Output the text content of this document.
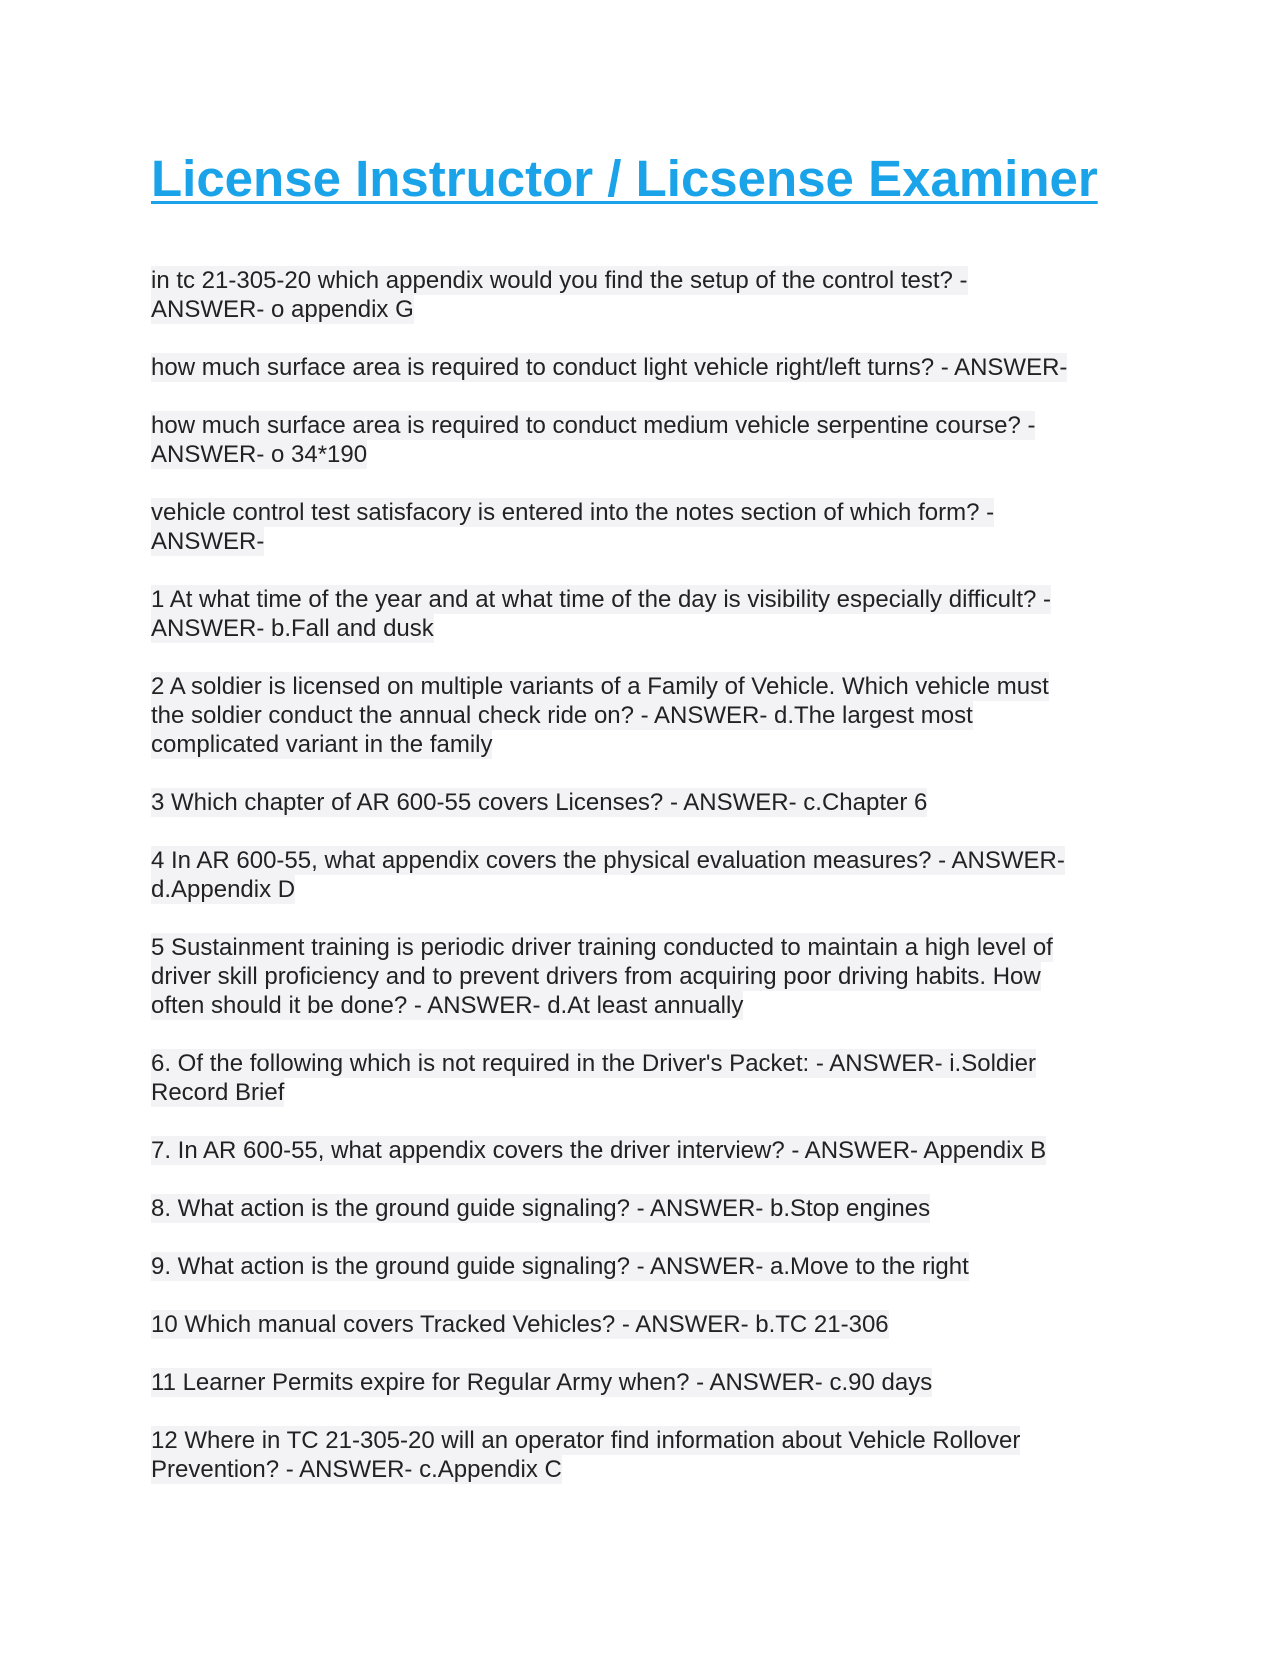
License Instructor / Licsense Examiner
in tc 21-305-20 which appendix would you find the setup of the control test? -
ANSWER- o appendix G
how much surface area is required to conduct light vehicle right/left turns? - ANSWER-
how much surface area is required to conduct medium vehicle serpentine course? -
ANSWER- o 34*190
vehicle control test satisfacory is entered into the notes section of which form? -
ANSWER-
1 At what time of the year and at what time of the day is visibility especially difficult? -
ANSWER- b.Fall and dusk
2 A soldier is licensed on multiple variants of a Family of Vehicle. Which vehicle must
the soldier conduct the annual check ride on? - ANSWER- d.The largest most
complicated variant in the family
3 Which chapter of AR 600-55 covers Licenses? - ANSWER- c.Chapter 6
4 In AR 600-55, what appendix covers the physical evaluation measures? - ANSWER-
d.Appendix D
5 Sustainment training is periodic driver training conducted to maintain a high level of
driver skill proficiency and to prevent drivers from acquiring poor driving habits. How
often should it be done? - ANSWER- d.At least annually
6. Of the following which is not required in the Driver's Packet: - ANSWER- i.Soldier
Record Brief
7. In AR 600-55, what appendix covers the driver interview? - ANSWER- Appendix B
8. What action is the ground guide signaling? - ANSWER- b.Stop engines
9. What action is the ground guide signaling? - ANSWER- a.Move to the right
10 Which manual covers Tracked Vehicles? - ANSWER- b.TC 21-306
11 Learner Permits expire for Regular Army when? - ANSWER- c.90 days
12 Where in TC 21-305-20 will an operator find information about Vehicle Rollover
Prevention? - ANSWER- c.Appendix C
